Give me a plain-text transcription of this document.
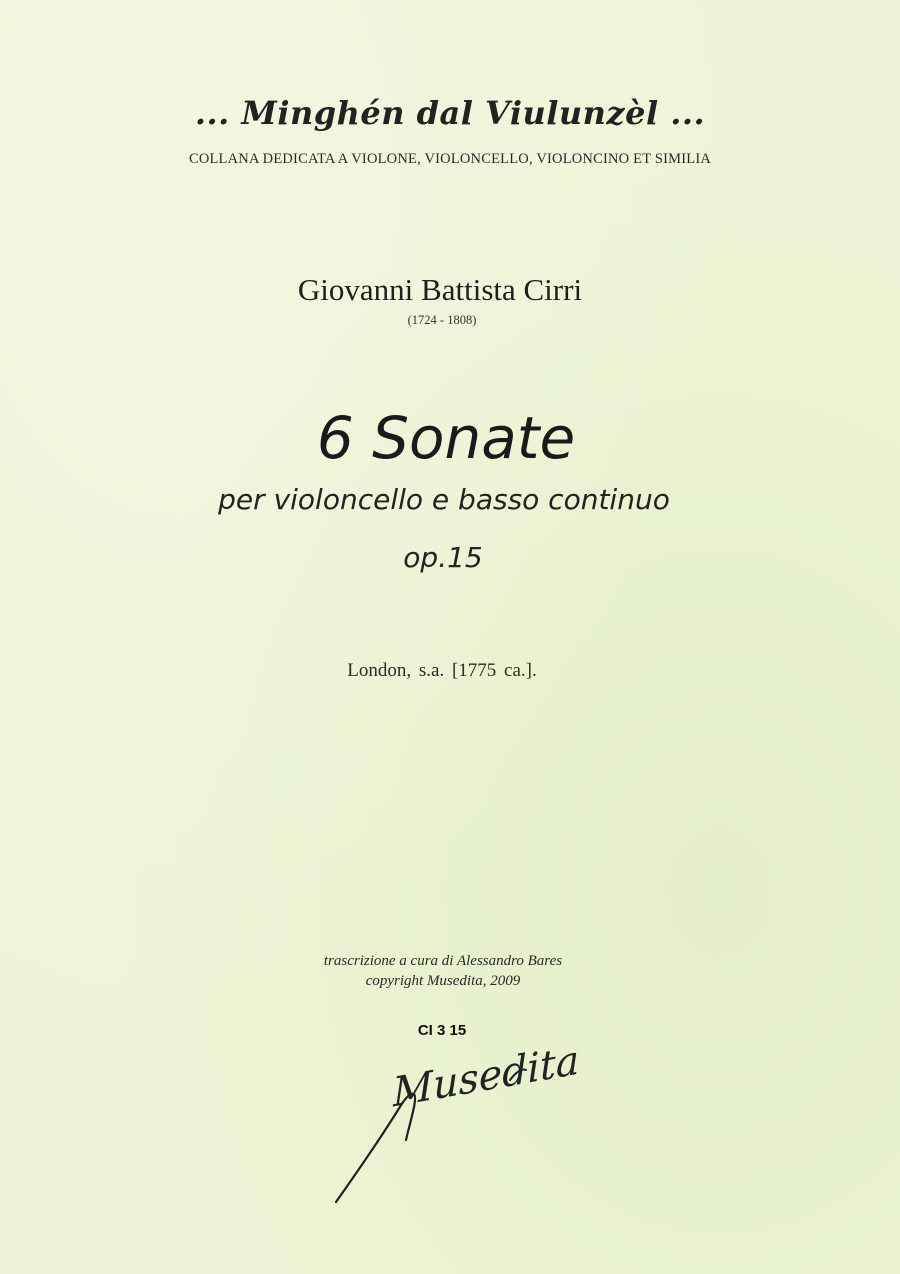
... Minghén dal Viulunzèl ...
COLLANA DEDICATA A VIOLONE, VIOLONCELLO, VIOLONCINO ET SIMILIA
Giovanni Battista Cirri
(1724 - 1808)
6 Sonate
per violoncello e basso continuo
op.15
London, s.a. [1775 ca.].
trascrizione a cura di Alessandro Bares
copyright Musedita, 2009
CI 3 15
Musedita
